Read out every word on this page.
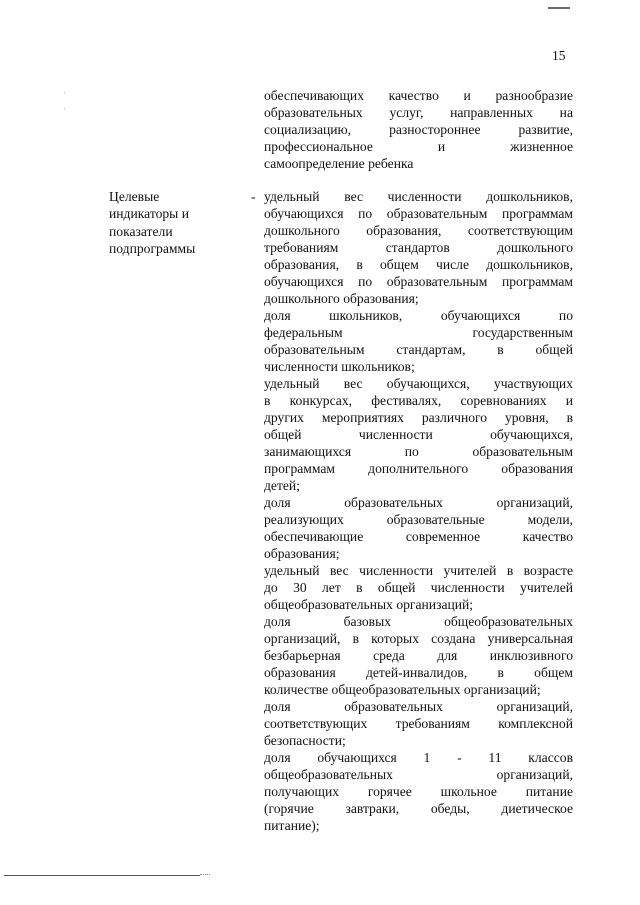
15

обеспечивающих качество и разнообразие

образовательных услуг, направленных на

социализацию, разностороннее развитие,

профессиональное и жизненное

самоопределение ребенка

Целевые
индикаторы и
показатели
подпрограммы
- удельный вес численности дошкольников,

обучающихся по образовательным программам

дошкольного образования, соответствующим

требованиям стандартов дошкольного

образования, в общем числе дошкольников,

обучающихся по образовательным программам

дошкольного образования;

доля школьников, обучающихся по

федеральным государственным

образовательным стандартам, в общей

численности школьников;

удельный вес обучающихся, участвующих

в конкурсах, фестивалях, соревнованиях и

других мероприятиях различного уровня, в

общей численности обучающихся,

занимающихся по образовательным

программам дополнительного образования

детей;

доля образовательных организаций,

реализующих образовательные модели,

обеспечивающие современное качество

образования;

удельный вес численности учителей в возрасте

до 30 лет в общей численности учителей

общеобразовательных организаций;

доля базовых общеобразовательных

организаций, в которых создана универсальная

безбарьерная среда для инклюзивного

образования детей-инвалидов, в общем

количестве общеобразовательных организаций;

доля образовательных организаций,

соответствующих требованиям комплексной

безопасности;

доля обучающихся 1 - 11 классов

общеобразовательных организаций,

получающих горячее школьное питание

(горячие завтраки, обеды, диетическое

питание);
